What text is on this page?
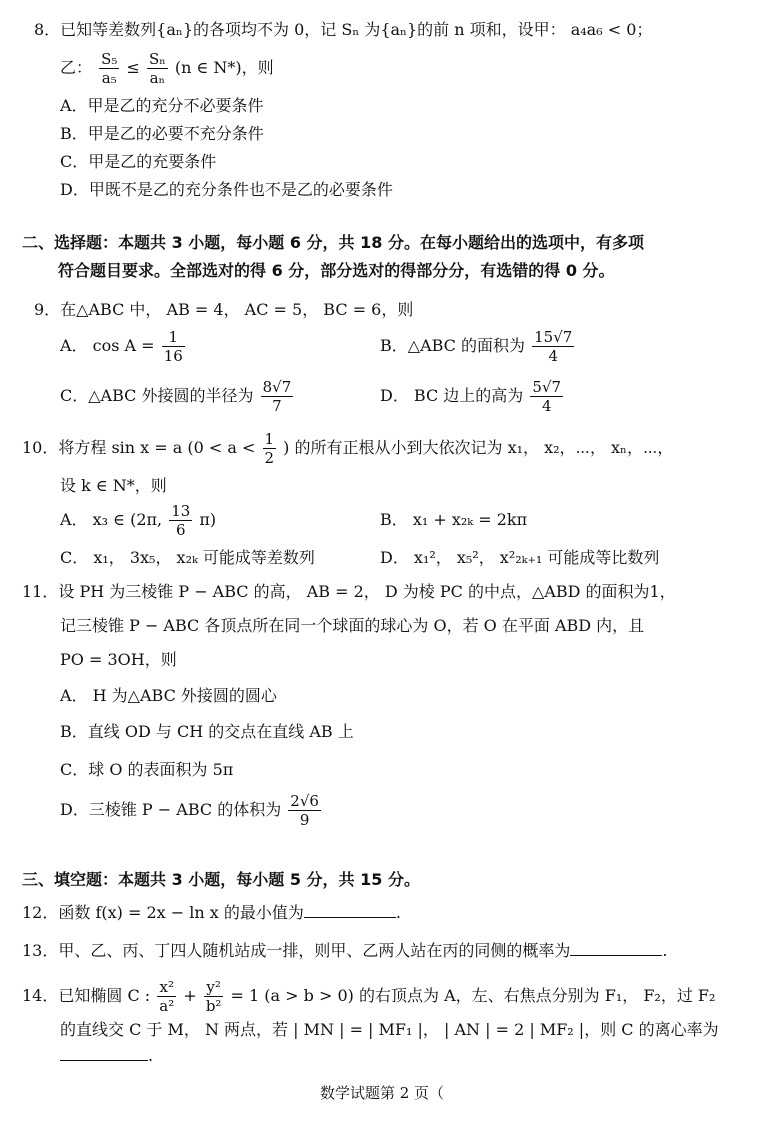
8．已知等差数列{aₙ}的各项均不为 0，记 Sₙ 为{aₙ}的前 n 项和，设甲： a₄a₆ < 0；
乙： $\frac{\text{S₅}}{\text{a₅}} \le \frac{\text{Sₙ}}{\text{aₙ}} (n$ ∈ N*)，则
A．甲是乙的充分不必要条件
B．甲是乙的必要不充分条件
C．甲是乙的充要条件
D．甲既不是乙的充分条件也不是乙的必要条件
二、选择题：本题共 3 小题，每小题 6 分，共 18 分。在每小题给出的选项中，有多项
符合题目要求。全部选对的得 6 分，部分选对的得部分分，有选错的得 0 分。
9．在△ABC 中， AB = 4， AC = 5， BC = 6，则
A． $\cos A = \frac{1}{16}$	B．△ABC 的面积为 $\frac{15√7}{4}$
C．△ABC 外接圆的半径为 $\frac{8√7}{7}$	D． BC 边上的高为 $\frac{5√7}{4}$
10．将方程 sin x = a ($0 < a < \frac{1}{2}$ ) 的所有正根从小到大依次记为 x₁， x₂，⋯， xₙ，⋯，
设 k ∈ N*，则
A． x₃ ∈ (2π, $\frac{13}{6} \pi$)	B． x₁ + x₂ₖ = 2kπ
C． x₁， 3x₅， x₂ₖ 可能成等差数列	D． x₁²， x₅²， x²₂ₖ₊₁ 可能成等比数列
11．设 PH 为三棱锥 P − ABC 的高， AB = 2， D 为棱 PC 的中点，△ABD 的面积为1，
记三棱锥 P − ABC 各顶点所在同一个球面的球心为 O，若 O 在平面 ABD 内，且
PO = 3OH，则
A． H 为△ABC 外接圆的圆心
B．直线 OD 与 CH 的交点在直线 AB 上
C．球 O 的表面积为 5π
D．三棱锥 P − ABC 的体积为 $\frac{2√6}{9}$
三、填空题：本题共 3 小题，每小题 5 分，共 15 分。
12．函数 f(x) = 2x − ln x 的最小值为	.
13．甲、乙、丙、丁四人随机站成一排，则甲、乙两人站在丙的同侧的概率为	.
14．已知椭圆 C : $\frac{\text{x²}}{\text{a²}} + \frac{\text{y²}}{\text{b²}} = 1$ (a > b > 0) 的右顶点为 A，左、右焦点分别为 F₁， F₂，过 F₂
的直线交 C 于 M， N 两点，若 | MN | = | MF₁ |， | AN | = 2 | MF₂ |，则 C 的离心率为
.
数学试题第 2 页（
